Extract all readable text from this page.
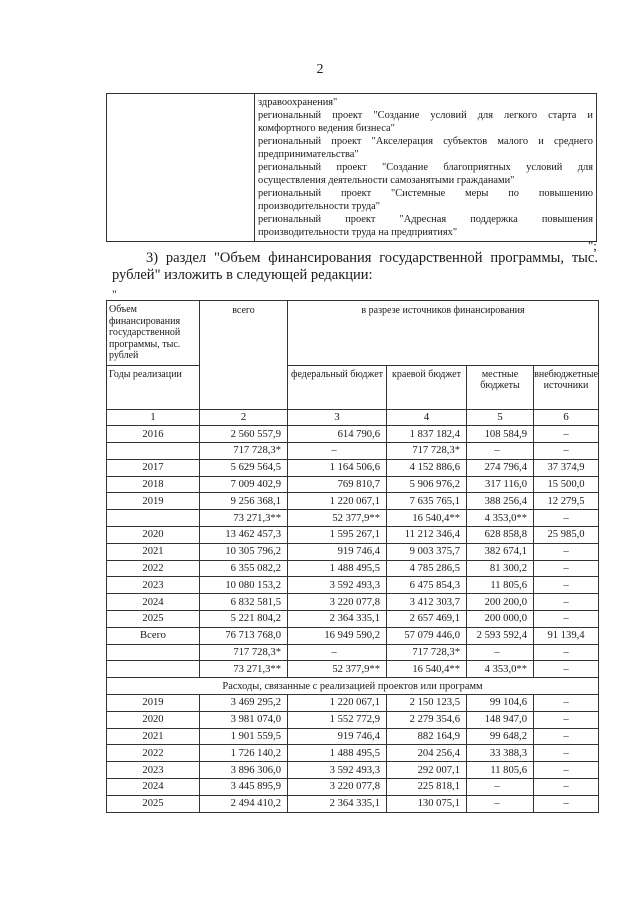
2

здравоохранения"
региональный проект "Создание условий для легкого старта и комфортного ведения бизнеса"
региональный проект "Акселерация субъектов малого и среднего предпринимательства"
региональный проект "Создание благоприятных условий для осуществления деятельности самозанятыми гражданами"
региональный проект "Системные меры по повышению производительности труда"
региональный проект "Адресная поддержка повышения производительности труда на предприятиях"
";
3) раздел "Объем финансирования государственной программы, тыс. рублей" изложить в следующей редакции:
"
Объем финансирования государственной программы, тыс. рублей	всего	в разрезе источников финансирования			
Годы реализации		федеральный бюджет	краевой бюджет	местные бюджеты	внебюджетные источники
1	2	3	4	5	6
2016	2 560 557,9	614 790,6	1 837 182,4	108 584,9	–
	717 728,3*	–	717 728,3*	–	–
2017	5 629 564,5	1 164 506,6	4 152 886,6	274 796,4	37 374,9
2018	7 009 402,9	769 810,7	5 906 976,2	317 116,0	15 500,0
2019	9 256 368,1	1 220 067,1	7 635 765,1	388 256,4	12 279,5
	73 271,3**	52 377,9**	16 540,4**	4 353,0**	–
2020	13 462 457,3	1 595 267,1	11 212 346,4	628 858,8	25 985,0
2021	10 305 796,2	919 746,4	9 003 375,7	382 674,1	–
2022	6 355 082,2	1 488 495,5	4 785 286,5	81 300,2	–
2023	10 080 153,2	3 592 493,3	6 475 854,3	11 805,6	–
2024	6 832 581,5	3 220 077,8	3 412 303,7	200 200,0	–
2025	5 221 804,2	2 364 335,1	2 657 469,1	200 000,0	–
Всего	76 713 768,0	16 949 590,2	57 079 446,0	2 593 592,4	91 139,4
	717 728,3*	–	717 728,3*	–	–
	73 271,3**	52 377,9**	16 540,4**	4 353,0**	–
Расходы, связанные с реализацией проектов или программ					
2019	3 469 295,2	1 220 067,1	2 150 123,5	99 104,6	–
2020	3 981 074,0	1 552 772,9	2 279 354,6	148 947,0	–
2021	1 901 559,5	919 746,4	882 164,9	99 648,2	–
2022	1 726 140,2	1 488 495,5	204 256,4	33 388,3	–
2023	3 896 306,0	3 592 493,3	292 007,1	11 805,6	–
2024	3 445 895,9	3 220 077,8	225 818,1	–	–
2025	2 494 410,2	2 364 335,1	130 075,1	–	–
